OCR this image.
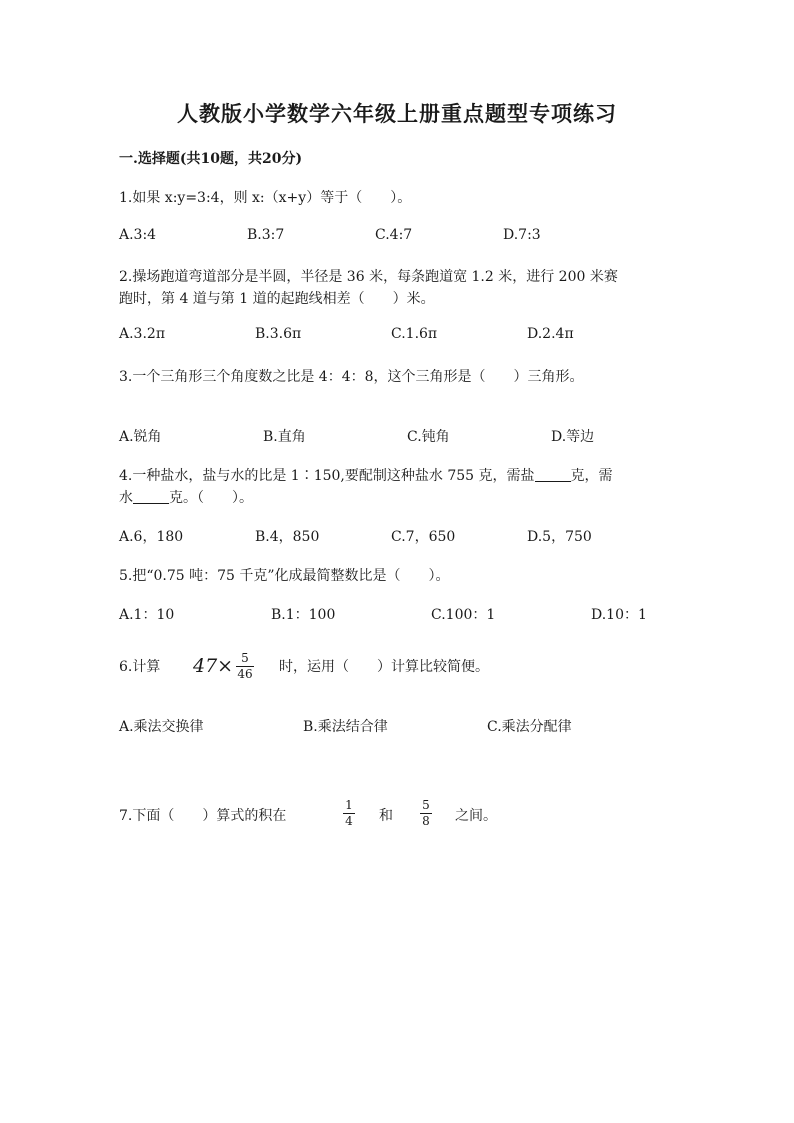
人教版小学数学六年级上册重点题型专项练习
一.选择题(共10题，共20分)
1.如果 x:y=3:4，则 x:（x+y）等于（　　）。
A.3:4	B.3:7	C.4:7	D.7:3
2.操场跑道弯道部分是半圆，半径是 36 米，每条跑道宽 1.2 米，进行 200 米赛
跑时，第 4 道与第 1 道的起跑线相差（　　）米。
A.3.2π	B.3.6π	C.1.6π	D.2.4π
3.一个三角形三个角度数之比是 4：4：8，这个三角形是（　　）三角形。
A.锐角	B.直角	C.钝角	D.等边
4.一种盐水，盐与水的比是 1∶150,要配制这种盐水 755 克，需盐	克，需
水	克。（　　）。
A.6，180	B.4，850	C.7，650	D.5，750
5.把“0.75 吨：75 千克”化成最简整数比是（　　）。
A.1：10	B.1：100	C.100：1	D.10：1
6.计算 47× 5
46 时，运用（　　）计算比较简便。
A.乘法交换律	B.乘法结合律	C.乘法分配律
7.下面（　　）算式的积在
1
4 和
5
8 之间。
